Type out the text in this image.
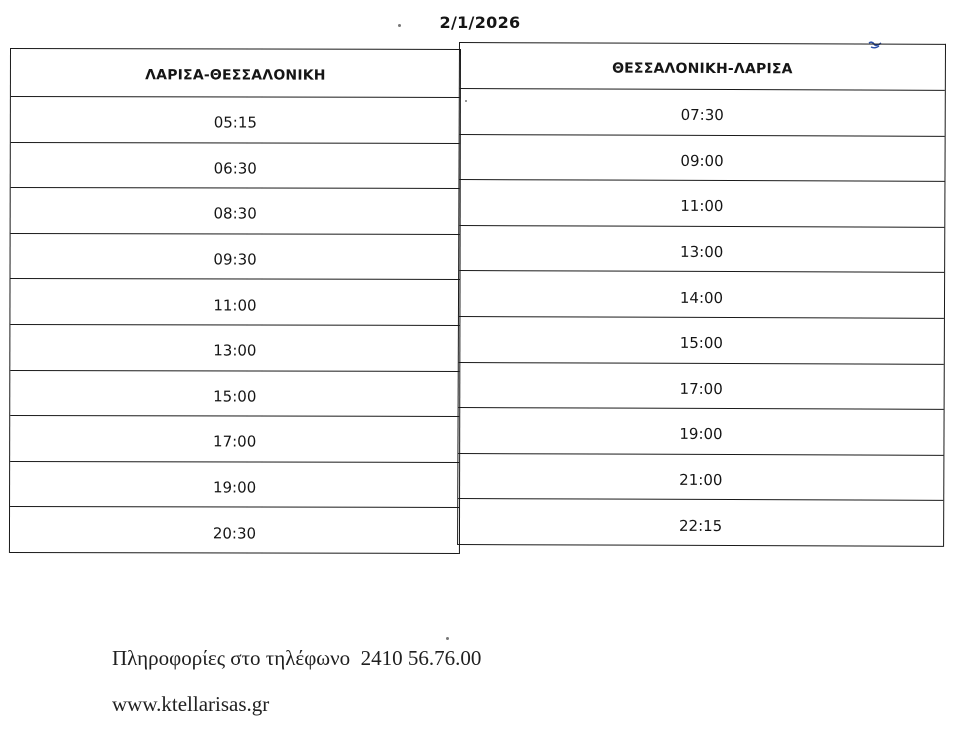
2/1/2026
ΛΑΡΙΣΑ-ΘΕΣΣΑΛΟΝΙΚΗ
05:15
06:30
08:30
09:30
11:00
13:00
15:00
17:00
19:00
20:30
ΘΕΣΣΑΛΟΝΙΚΗ-ΛΑΡΙΣΑ
07:30
09:00
11:00
13:00
14:00
15:00
17:00
19:00
21:00
22:15
Πληροφορίες στο τηλέφωνο  2410 56.76.00
www.ktellarisas.gr
